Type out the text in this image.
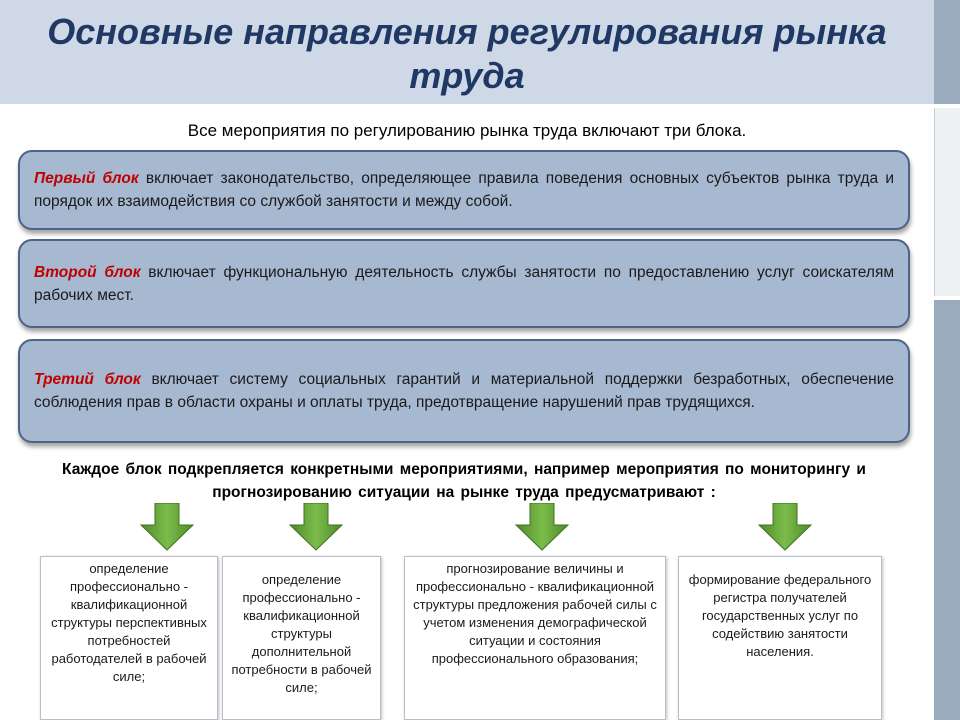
Основные направления регулирования рынка труда
Все мероприятия по регулированию рынка труда включают три блока.
Первый блок включает законодательство, определяющее правила поведения основных субъектов рынка труда и порядок их взаимодействия со службой занятости и между собой.
Второй блок включает функциональную деятельность службы занятости по предоставлению услуг соискателям рабочих мест.
Третий блок включает систему социальных гарантий и материальной поддержки безработных, обеспечение соблюдения прав в области охраны и оплаты труда, предотвращение нарушений прав трудящихся.
Каждое блок подкрепляется конкретными мероприятиями, например мероприятия по мониторингу и прогнозированию ситуации на рынке труда предусматривают :
определение профессионально - квалификационной структуры перспективных потребностей работодателей в рабочей силе;
определение профессионально - квалификационной структуры дополнительной потребности в рабочей силе;
прогнозирование величины и профессионально - квалификационной структуры предложения рабочей силы с учетом изменения демографической ситуации и состояния профессионального образования;
формирование федерального регистра получателей государственных услуг по содействию занятости населения.
